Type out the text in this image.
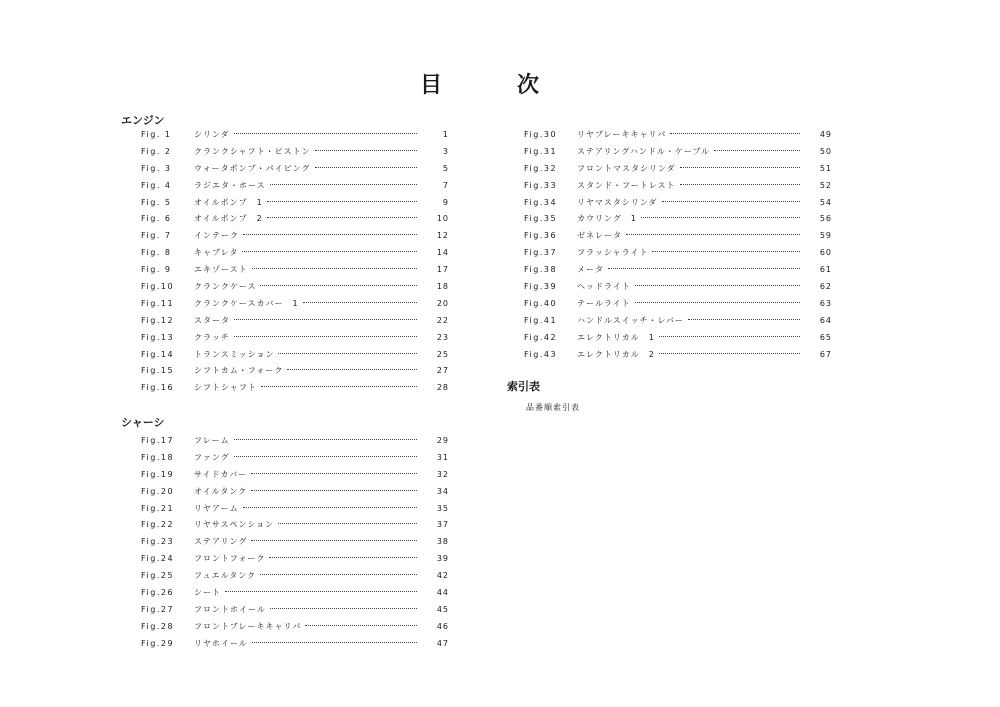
目	次
エンジン
Fig. 1	シリンダ	1
Fig. 2	クランクシャフト・ピストン	3
Fig. 3	ウォータポンプ・パイピング	5
Fig. 4	ラジエタ・ホース	7
Fig. 5	オイルポンプ　1	9
Fig. 6	オイルポンプ　2	10
Fig. 7	インテーク	12
Fig. 8	キャブレタ	14
Fig. 9	エキゾースト	17
Fig.10	クランクケース	18
Fig.11	クランクケースカバー　1	20
Fig.12	スタータ	22
Fig.13	クラッチ	23
Fig.14	トランスミッション	25
Fig.15	シフトカム・フォーク	27
Fig.16	シフトシャフト	28
シャーシ
Fig.17	フレーム	29
Fig.18	ファング	31
Fig.19	サイドカバー	32
Fig.20	オイルタンク	34
Fig.21	リヤアーム	35
Fig.22	リヤサスペンション	37
Fig.23	ステアリング	38
Fig.24	フロントフォーク	39
Fig.25	フュエルタンク	42
Fig.26	シート	44
Fig.27	フロントホイール	45
Fig.28	フロントブレーキキャリパ	46
Fig.29	リヤホイール	47
Fig.30	リヤブレーキキャリパ	49
Fig.31	ステアリングハンドル・ケーブル	50
Fig.32	フロントマスタシリンダ	51
Fig.33	スタンド・フートレスト	52
Fig.34	リヤマスタシリンダ	54
Fig.35	カウリング　1	56
Fig.36	ゼネレータ	59
Fig.37	フラッシャライト	60
Fig.38	メータ	61
Fig.39	ヘッドライト	62
Fig.40	テールライト	63
Fig.41	ハンドルスイッチ・レバー	64
Fig.42	エレクトリカル　1	65
Fig.43	エレクトリカル　2	67
索引表
品番順索引表
